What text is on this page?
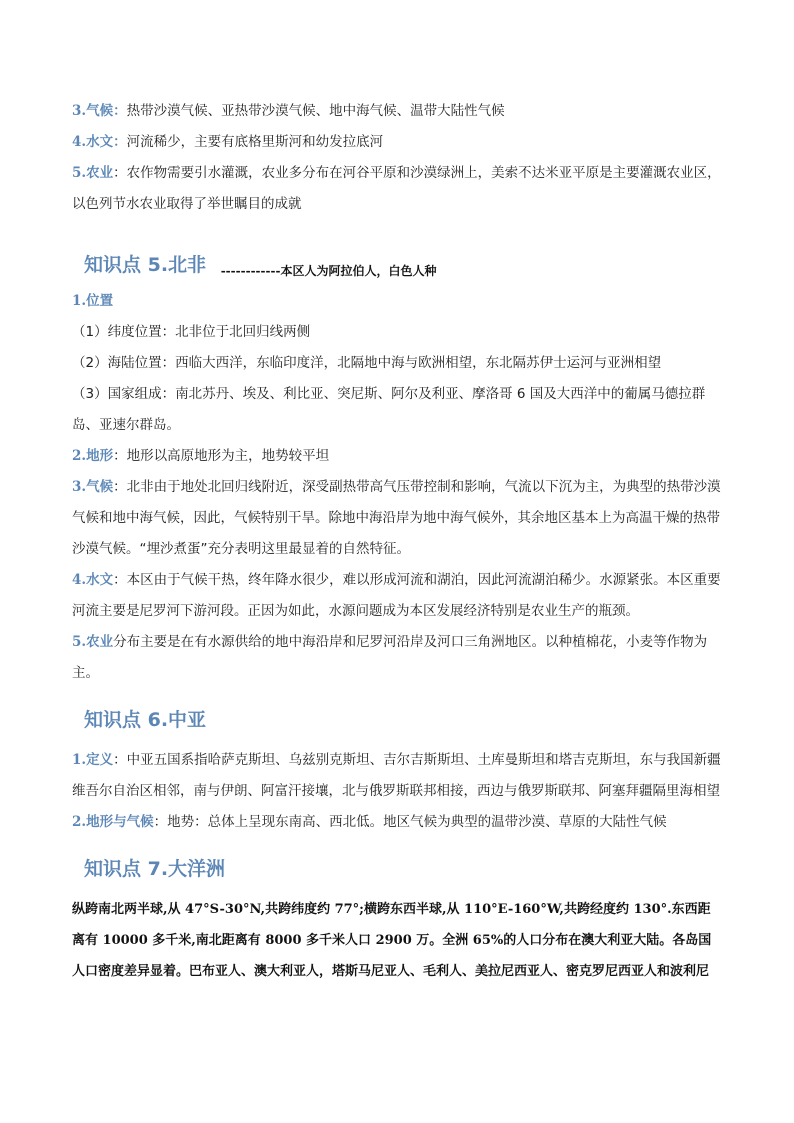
3.气候：热带沙漠气候、亚热带沙漠气候、地中海气候、温带大陆性气候

4.水文：河流稀少，主要有底格里斯河和幼发拉底河

5.农业：农作物需要引水灌溉，农业多分布在河谷平原和沙漠绿洲上，美索不达米亚平原是主要灌溉农业区，以色列节水农业取得了举世瞩目的成就

知识点 5.北非 $_{------------本区人为阿拉伯人,白色人种}$
1.位置

（1）纬度位置：北非位于北回归线两侧

（2）海陆位置：西临大西洋，东临印度洋，北隔地中海与欧洲相望，东北隔苏伊士运河与亚洲相望

（3）国家组成：南北苏丹、埃及、利比亚、突尼斯、阿尔及利亚、摩洛哥 6 国及大西洋中的葡属马德拉群岛、亚速尔群岛。

2.地形：地形以高原地形为主，地势较平坦

3.气候：北非由于地处北回归线附近，深受副热带高气压带控制和影响，气流以下沉为主，为典型的热带沙漠气候和地中海气候，因此，气候特别干旱。除地中海沿岸为地中海气候外，其余地区基本上为高温干燥的热带沙漠气候。“埋沙煮蛋”充分表明这里最显着的自然特征。

4.水文：本区由于气候干热，终年降水很少，难以形成河流和湖泊，因此河流湖泊稀少。水源紧张。本区重要河流主要是尼罗河下游河段。正因为如此，水源问题成为本区发展经济特别是农业生产的瓶颈。

5.农业分布主要是在有水源供给的地中海沿岸和尼罗河沿岸及河口三角洲地区。以种植棉花，小麦等作物为主。

知识点 6.中亚

1.定义：中亚五国系指哈萨克斯坦、乌兹别克斯坦、吉尔吉斯斯坦、土库曼斯坦和塔吉克斯坦，东与我国新疆维吾尔自治区相邻，南与伊朗、阿富汗接壤，北与俄罗斯联邦相接，西边与俄罗斯联邦、阿塞拜疆隔里海相望

2.地形与气候：地势：总体上呈现东南高、西北低。地区气候为典型的温带沙漠、草原的大陆性气候

知识点 7.大洋洲

纵跨南北两半球,从 47°S-30°N,共跨纬度约 77°;横跨东西半球,从 110°E-160°W,共跨经度约 130°.东西距离有 10000 多千米,南北距离有 8000 多千米人口 2900 万。全洲 65%的人口分布在澳大利亚大陆。各岛国人口密度差异显着。巴布亚人、澳大利亚人，塔斯马尼亚人、毛利人、美拉尼西亚人、密克罗尼西亚人和波利尼
